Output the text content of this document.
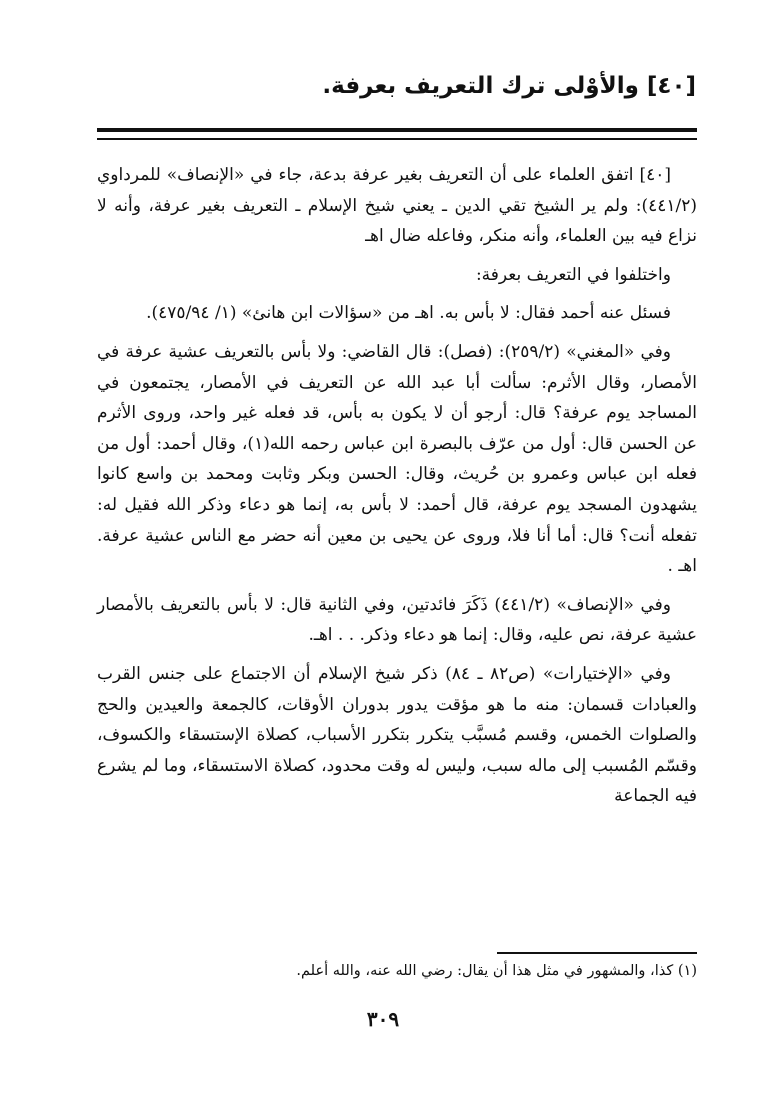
[٤٠] والأوْلى ترك التعريف بعرفة.

[٤٠] اتفق العلماء على أن التعريف بغير عرفة بدعة، جاء في «الإنصاف» للمرداوي (٤٤١/٢): ولم ير الشيخ تقي الدين ـ يعني شيخ الإسلام ـ التعريف بغير عرفة، وأنه لا نزاع فيه بين العلماء، وأنه منكر، وفاعله ضال اهـ

واختلفوا في التعريف بعرفة:

فسئل عنه أحمد فقال: لا بأس به. اهـ من «سؤالات ابن هانئ» (١/ ٤٧٥/٩٤).

وفي «المغني» (٢٥٩/٢): (فصل): قال القاضي: ولا بأس بالتعريف عشية عرفة في الأمصار، وقال الأثرم: سألت أبا عبد الله عن التعريف في الأمصار، يجتمعون في المساجد يوم عرفة؟ قال: أرجو أن لا يكون به بأس، قد فعله غير واحد، وروى الأثرم عن الحسن قال: أول من عرّف بالبصرة ابن عباس رحمه الله(١)، وقال أحمد: أول من فعله ابن عباس وعمرو بن حُريث، وقال: الحسن وبكر وثابت ومحمد بن واسع كانوا يشهدون المسجد يوم عرفة، قال أحمد: لا بأس به، إنما هو دعاء وذكر الله فقيل له: تفعله أنت؟ قال: أما أنا فلا، وروى عن يحيى بن معين أنه حضر مع الناس عشية عرفة. اهـ .

وفي «الإنصاف» (٤٤١/٢) ذَكَرَ فائدتين، وفي الثانية قال: لا بأس بالتعريف بالأمصار عشية عرفة، نص عليه، وقال: إنما هو دعاء وذكر. . . اهـ.

وفي «الإختيارات» (ص٨٢ ـ ٨٤) ذكر شيخ الإسلام أن الاجتماع على جنس القرب والعبادات قسمان: منه ما هو مؤقت يدور بدوران الأوقات، كالجمعة والعيدين والحج والصلوات الخمس، وقسم مُسبَّب يتكرر بتكرر الأسباب، كصلاة الإستسقاء والكسوف، وقسّم المُسبب إلى ماله سبب، وليس له وقت محدود، كصلاة الاستسقاء، وما لم يشرع فيه الجماعة

(١) كذا، والمشهور في مثل هذا أن يقال: رضي الله عنه، والله أعلم.
٣٠٩
